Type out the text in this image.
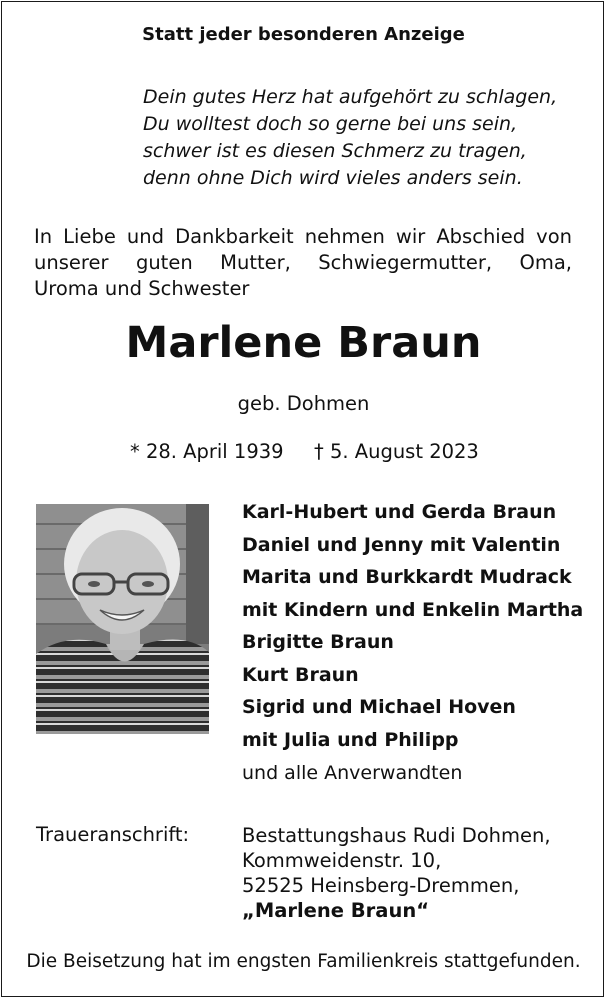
Statt jeder besonderen Anzeige
Dein gutes Herz hat aufgehört zu schlagen,
Du wolltest doch so gerne bei uns sein,
schwer ist es diesen Schmerz zu tragen,
denn ohne Dich wird vieles anders sein.
In Liebe und Dankbarkeit nehmen wir Abschied von
unserer guten Mutter, Schwiegermutter, Oma,
Uroma und Schwester
Marlene Braun
geb. Dohmen
* 28. April 1939 † 5. August 2023
Karl-Hubert und Gerda Braun
Daniel und Jenny mit Valentin
Marita und Burkkardt Mudrack
mit Kindern und Enkelin Martha
Brigitte Braun
Kurt Braun
Sigrid und Michael Hoven
mit Julia und Philipp
und alle Anverwandten
Traueranschrift:	Bestattungshaus Rudi Dohmen,
Kommweidenstr. 10,
52525 Heinsberg-Dremmen,
„Marlene Braun“
Die Beisetzung hat im engsten Familienkreis stattgefunden.
